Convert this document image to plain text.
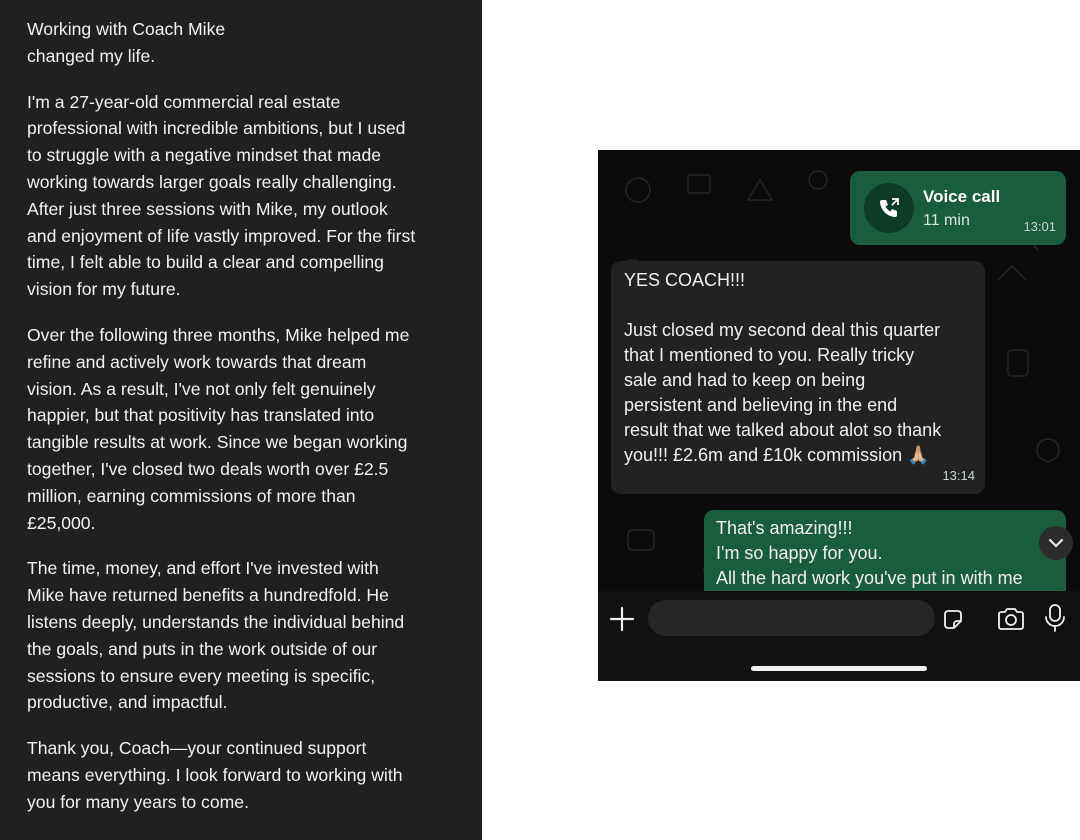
Working with Coach Mike
changed my life.

I'm a 27-year-old commercial real estate
professional with incredible ambitions, but I used
to struggle with a negative mindset that made
working towards larger goals really challenging.
After just three sessions with Mike, my outlook
and enjoyment of life vastly improved. For the first
time, I felt able to build a clear and compelling
vision for my future.

Over the following three months, Mike helped me
refine and actively work towards that dream
vision. As a result, I've not only felt genuinely
happier, but that positivity has translated into
tangible results at work. Since we began working
together, I've closed two deals worth over £2.5
million, earning commissions of more than
£25,000.

The time, money, and effort I've invested with
Mike have returned benefits a hundredfold. He
listens deeply, understands the individual behind
the goals, and puts in the work outside of our
sessions to ensure every meeting is specific,
productive, and impactful.

Thank you, Coach—your continued support
means everything. I look forward to working with
you for many years to come.

Voice call
11 min	13:01
YES COACH!!!
Just closed my second deal this quarter
that I mentioned to you. Really tricky
sale and had to keep on being
persistent and believing in the end
result that we talked about alot so thank
you!!! £2.6m and £10k commission 🙏🏼
13:14
That's amazing!!!
I'm so happy for you.
All the hard work you've put in with me
